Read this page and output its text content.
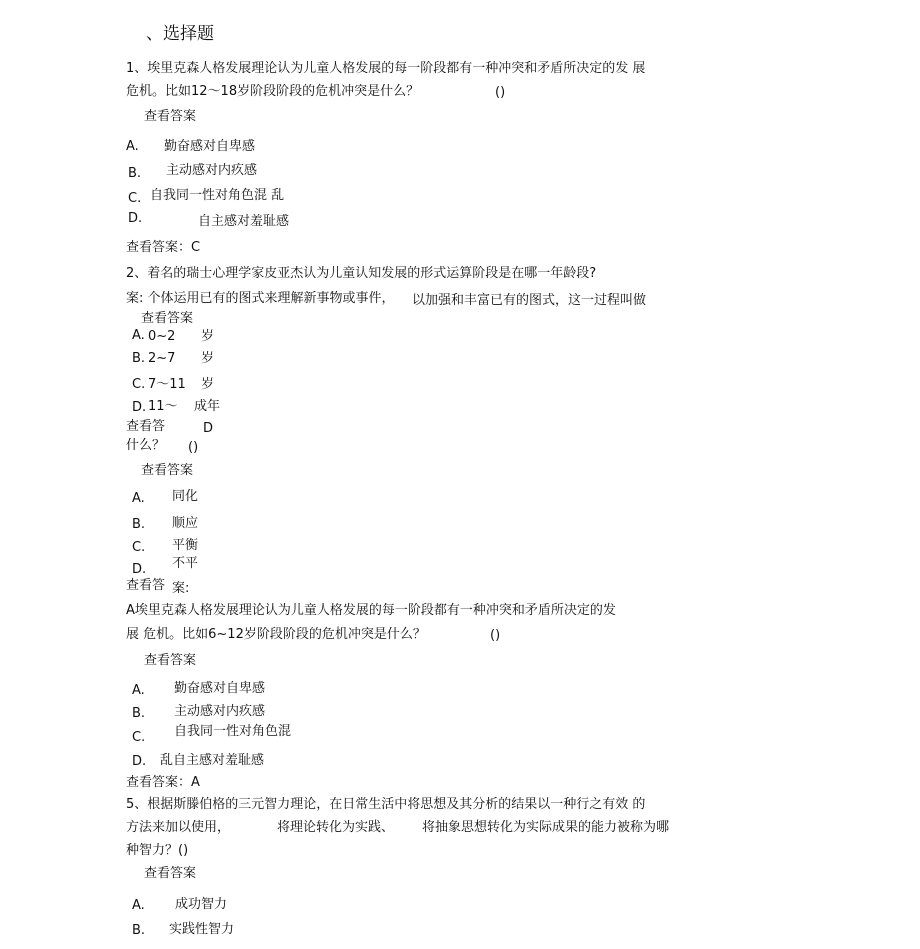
、选择题
1、埃里克森人格发展理论认为儿童人格发展的每一阶段都有一种冲突和矛盾所决定的发 展
危机。比如12～18岁阶段阶段的危机冲突是什么？	()
查看答案
A. 勤奋感对自卑感
B. 主动感对内疚感
C. 自我同一性对角色混 乱
D.	自主感对羞耻感
查看答案：C
2、着名的瑞士心理学家皮亚杰认为儿童认知发展的形式运算阶段是在哪一年龄段?
案: 个体运用已有的图式来理解新事物或事件， 以加强和丰富已有的图式，这一过程叫做
查看答案
A. 0~2 岁
B. 2~7 岁
C. 7～11 岁
D. 11～ 成年
查看答	D
什么？ ()
查看答案
A. 同化
B. 顺应
C. 平衡
D. 不平
查看答 案:
A埃里克森人格发展理论认为儿童人格发展的每一阶段都有一种冲突和矛盾所决定的发
展 危机。比如6~12岁阶段阶段的危机冲突是什么？	()
查看答案
A. 勤奋感对自卑感
B. 主动感对内疚感
C. 自我同一性对角色混
D. 乱自主感对羞耻感
查看答案：A
5、根据斯滕伯格的三元智力理论，在日常生活中将思想及其分析的结果以一种行之有效 的
方法来加以使用，	将理论转化为实践、 将抽象思想转化为实际成果的能力被称为哪
种智力？()
查看答案
A. 成功智力
B. 实践性智力
